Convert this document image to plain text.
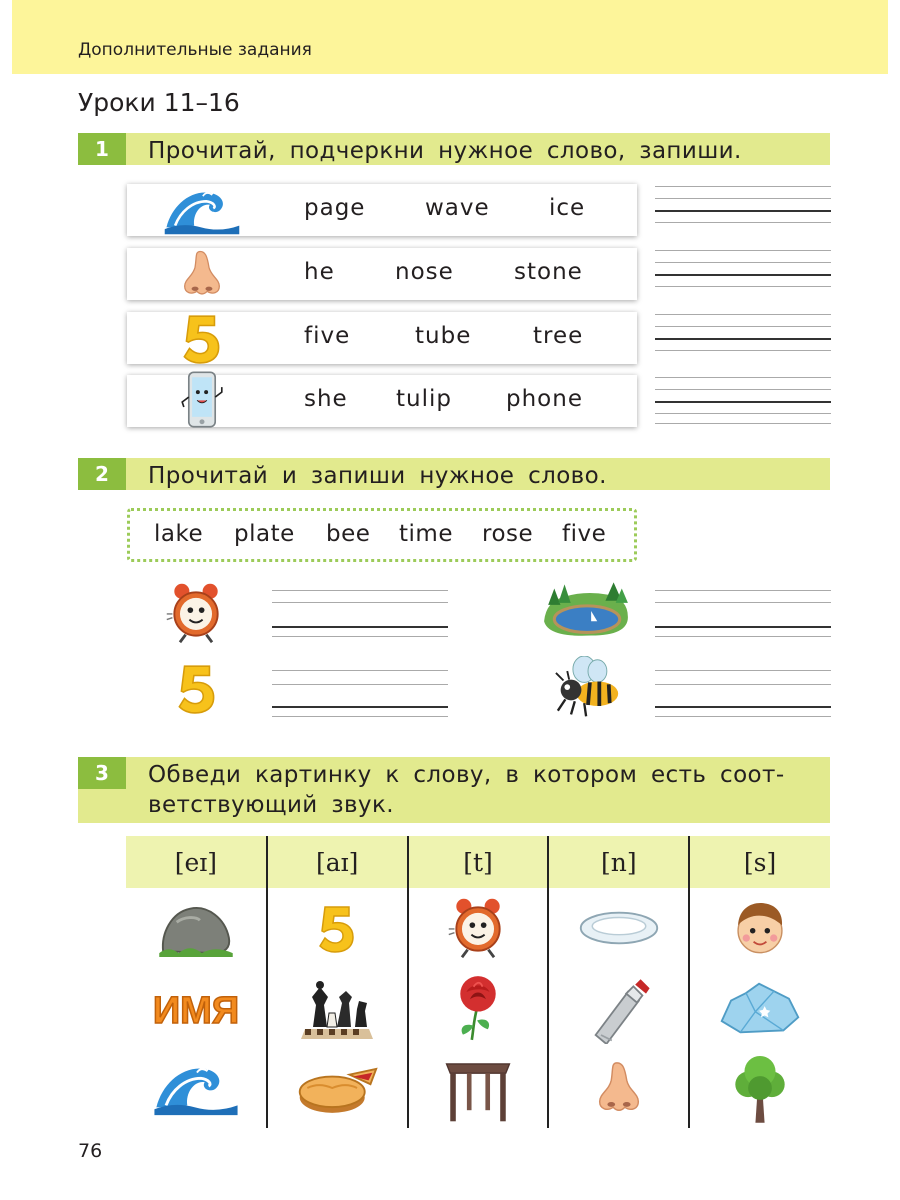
Дополнительные задания
Уроки 11–16
1	Прочитай, подчеркни нужное слово, запиши.
page	wave	ice
he	nose	stone
five	tube	tree
she tulip phone
2	Прочитай и запиши нужное слово.
lake plate bee time rose five
3	Обведи картинку к слову, в котором есть соот-
ветствующий звук.
[eɪ]	[aɪ]	[t]	[n]	[s]

76
